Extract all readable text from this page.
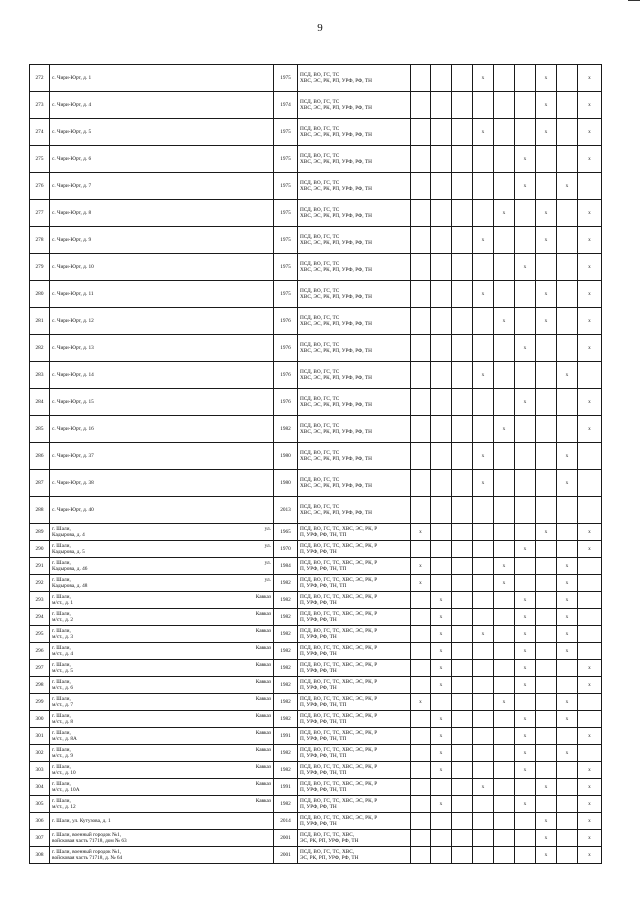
9
272	с. Чири-Юрт, д. 1	1975	ПСД, ВО, ГС, ТС
ХВС, ЭС, РК, РП, УРФ, РФ, ТН				х			х		х
273	с. Чири-Юрт, д. 4	1974	ПСД, ВО, ГС, ТС
ХВС, ЭС, РК, РП, УРФ, РФ, ТН							х		х
274	с. Чири-Юрт, д. 5	1975	ПСД, ВО, ГС, ТС
ХВС, ЭС, РК, РП, УРФ, РФ, ТН				х			х		х
275	с. Чири-Юрт, д. 6	1975	ПСД, ВО, ГС, ТС
ХВС, ЭС, РК, РП, УРФ, РФ, ТН						х			х
276	с. Чири-Юрт, д. 7	1975	ПСД, ВО, ГС, ТС
ХВС, ЭС, РК, РП, УРФ, РФ, ТН						х		х	
277	с. Чири-Юрт, д. 8	1975	ПСД, ВО, ГС, ТС
ХВС, ЭС, РК, РП, УРФ, РФ, ТН					х		х		х
278	с. Чири-Юрт, д. 9	1975	ПСД, ВО, ГС, ТС
ХВС, ЭС, РК, РП, УРФ, РФ, ТН				х			х		х
279	с. Чири-Юрт, д. 10	1975	ПСД, ВО, ГС, ТС
ХВС, ЭС, РК, РП, УРФ, РФ, ТН						х			х
280	с. Чири-Юрт, д. 11	1975	ПСД, ВО, ГС, ТС
ХВС, ЭС, РК, РП, УРФ, РФ, ТН				х			х		х
281	с. Чири-Юрт, д. 12	1976	ПСД, ВО, ГС, ТС
ХВС, ЭС, РК, РП, УРФ, РФ, ТН					х		х		х
282	с. Чири-Юрт, д. 13	1976	ПСД, ВО, ГС, ТС
ХВС, ЭС, РК, РП, УРФ, РФ, ТН						х			х
283	с. Чири-Юрт, д. 14	1976	ПСД, ВО, ГС, ТС
ХВС, ЭС, РК, РП, УРФ, РФ, ТН				х				х	
284	с. Чири-Юрт, д. 15	1976	ПСД, ВО, ГС, ТС
ХВС, ЭС, РК, РП, УРФ, РФ, ТН						х			х
285	с. Чири-Юрт, д. 16	1982	ПСД, ВО, ГС, ТС
ХВС, ЭС, РК, РП, УРФ, РФ, ТН					х				х
286	с. Чири-Юрт, д. 37	1980	ПСД, ВО, ГС, ТС
ХВС, ЭС, РК, РП, УРФ, РФ, ТН				х				х	
287	с. Чири-Юрт, д. 38	1980	ПСД, ВО, ГС, ТС
ХВС, ЭС, РК, РП, УРФ, РФ, ТН				х				х	
288	с. Чири-Юрт, д. 40	2013	ПСД, ВО, ГС, ТС
ХВС, ЭС, РК, РП, УРФ, РФ, ТН									

289	г. Шали, ул.
Кадырова, д. 4	1965	ПСД, ВО, ГС, ТС, ХВС, ЭС, РК, Р
П, УРФ, РФ, ТН, ТП	х						х		х
290	г. Шали, ул.
Кадырова, д. 5	1970	ПСД, ВО, ГС, ТС, ХВС, ЭС, РК, Р
П, УРФ, РФ, ТН						х			х
291	г. Шали, ул.
Кадырова, д. 46	1984	ПСД, ВО, ГС, ТС, ХВС, ЭС, РК, Р
П, УРФ, РФ, ТН, ТП	х				х			х	
292	г. Шали, ул.
Кадырова, д. 48	1982	ПСД, ВО, ГС, ТС, ХВС, ЭС, РК, Р
П, УРФ, РФ, ТН, ТП	х				х			х	
293	г. Шали, Кавказ
м/ст., д. 1	1982	ПСД, ВО, ГС, ТС, ХВС, ЭС, РК, Р
П, УРФ, РФ, ТН		х				х		х	
294	г. Шали, Кавказ
м/ст., д. 2	1982	ПСД, ВО, ГС, ТС, ХВС, ЭС, РК, Р
П, УРФ, РФ, ТН		х				х		х	
295	г. Шали, Кавказ
м/ст., д. 3	1982	ПСД, ВО, ГС, ТС, ХВС, ЭС, РК, Р
П, УРФ, РФ, ТН		х		х		х		х	
296	г. Шали, Кавказ
м/ст., д. 4	1982	ПСД, ВО, ГС, ТС, ХВС, ЭС, РК, Р
П, УРФ, РФ, ТН		х				х		х	
297	г. Шали, Кавказ
м/ст., д. 5	1982	ПСД, ВО, ГС, ТС, ХВС, ЭС, РК, Р
П, УРФ, РФ, ТН		х				х			х
298	г. Шали, Кавказ
м/ст., д. 6	1982	ПСД, ВО, ГС, ТС, ХВС, ЭС, РК, Р
П, УРФ, РФ, ТН		х				х			х
299	г. Шали, Кавказ
м/ст., д. 7	1982	ПСД, ВО, ГС, ТС, ХВС, ЭС, РК, Р
П, УРФ, РФ, ТН, ТП	х				х			х	
300	г. Шали, Кавказ
м/ст., д. 8	1982	ПСД, ВО, ГС, ТС, ХВС, ЭС, РК, Р
П, УРФ, РФ, ТН, ТП		х				х		х	
301	г. Шали, Кавказ
м/ст., д. 8А	1991	ПСД, ВО, ГС, ТС, ХВС, ЭС, РК, Р
П, УРФ, РФ, ТН, ТП		х				х			х
302	г. Шали, Кавказ
м/ст., д. 9	1982	ПСД, ВО, ГС, ТС, ХВС, ЭС, РК, Р
П, УРФ, РФ, ТН, ТП		х				х		х	
303	г. Шали, Кавказ
м/ст., д. 10	1982	ПСД, ВО, ГС, ТС, ХВС, ЭС, РК, Р
П, УРФ, РФ, ТН, ТП		х				х			х
304	г. Шали, Кавказ
м/ст., д. 10А	1991	ПСД, ВО, ГС, ТС, ХВС, ЭС, РК, Р
П, УРФ, РФ, ТН, ТП				х			х		х
305	г. Шали, Кавказ
м/ст., д. 12	1982	ПСД, ВО, ГС, ТС, ХВС, ЭС, РК, Р
П, УРФ, РФ, ТН		х				х			х
306	г. Шали, ул. Кутузова, д. 1	2014	ПСД, ВО, ГС, ТС, ХВС, ЭС, РК, Р
П, УРФ, РФ, ТН							х		х
307	г. Шали, военный городок №1,
войсковая часть 71718, дом № 63	2001	ПСД, ВО, ГС, ТС, ХВС,
ЭС, РК, РП, УРФ, РФ, ТН							х		х
308	г. Шали, военный городок №1,
войсковая часть 71718, д. № 64	2001	ПСД, ВО, ГС, ТС, ХВС,
ЭС, РК, РП, УРФ, РФ, ТН							х		х
